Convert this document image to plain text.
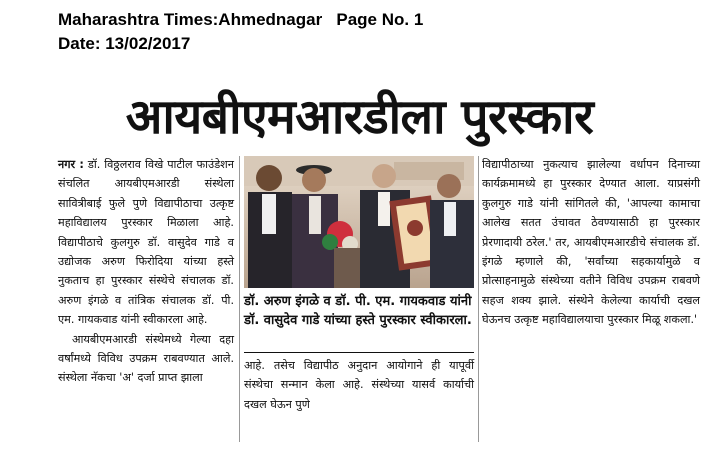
Maharashtra Times:Ahmednagar   Page No. 1
Date: 13/02/2017
आयबीएमआरडीला पुरस्कार

नगर : डॉ. विठ्ठलराव विखे पाटील फाउंडेशन संचलित आयबीएमआरडी संस्थेला सावित्रीबाई फुले पुणे विद्यापीठाचा उत्कृष्ट महाविद्यालय पुरस्कार मिळाला आहे. विद्यापीठाचे कुलगुरु डॉ. वासुदेव गाडे व उद्योजक अरुण फिरोदिया यांच्या हस्ते नुकताच हा पुरस्कार संस्थेचे संचालक डॉ. अरुण इंगळे व तांत्रिक संचालक डॉ. पी. एम. गायकवाड यांनी स्वीकारला आहे.

आयबीएमआरडी संस्थेमध्ये गेल्या दहा वर्षांमध्ये विविध उपक्रम राबवण्यात आले. संस्थेला नॅकचा 'अ' दर्जा प्राप्त झाला

डॉ. अरुण इंगळे व डॉ. पी. एम. गायकवाड यांनी डॉ. वासुदेव गाडे यांच्या हस्ते पुरस्कार स्वीकारला.

आहे. तसेच विद्यापीठ अनुदान आयोगाने ही यापूर्वी संस्थेचा सन्मान केला आहे. संस्थेच्या यासर्व कार्याची दखल घेऊन पुणे

विद्यापीठाच्या नुकत्याच झालेल्या वर्धापन दिनाच्या कार्यक्रमामध्ये हा पुरस्कार देण्यात आला. याप्रसंगी कुलगुरु गाडे यांनी सांगितले की, 'आपल्या कामाचा आलेख सतत उंचावत ठेवण्यासाठी हा पुरस्कार प्रेरणादायी ठरेल.' तर, आयबीएमआरडीचे संचालक डॉ. इंगळे म्हणाले की, 'सर्वांच्या सहकार्यामुळे व प्रोत्साहनामुळे संस्थेच्या वतीने विविध उपक्रम राबवणे सहज शक्य झाले. संस्थेने केलेल्या कार्याची दखल घेऊनच उत्कृष्ट महाविद्यालयाचा पुरस्कार मिळू शकला.'
